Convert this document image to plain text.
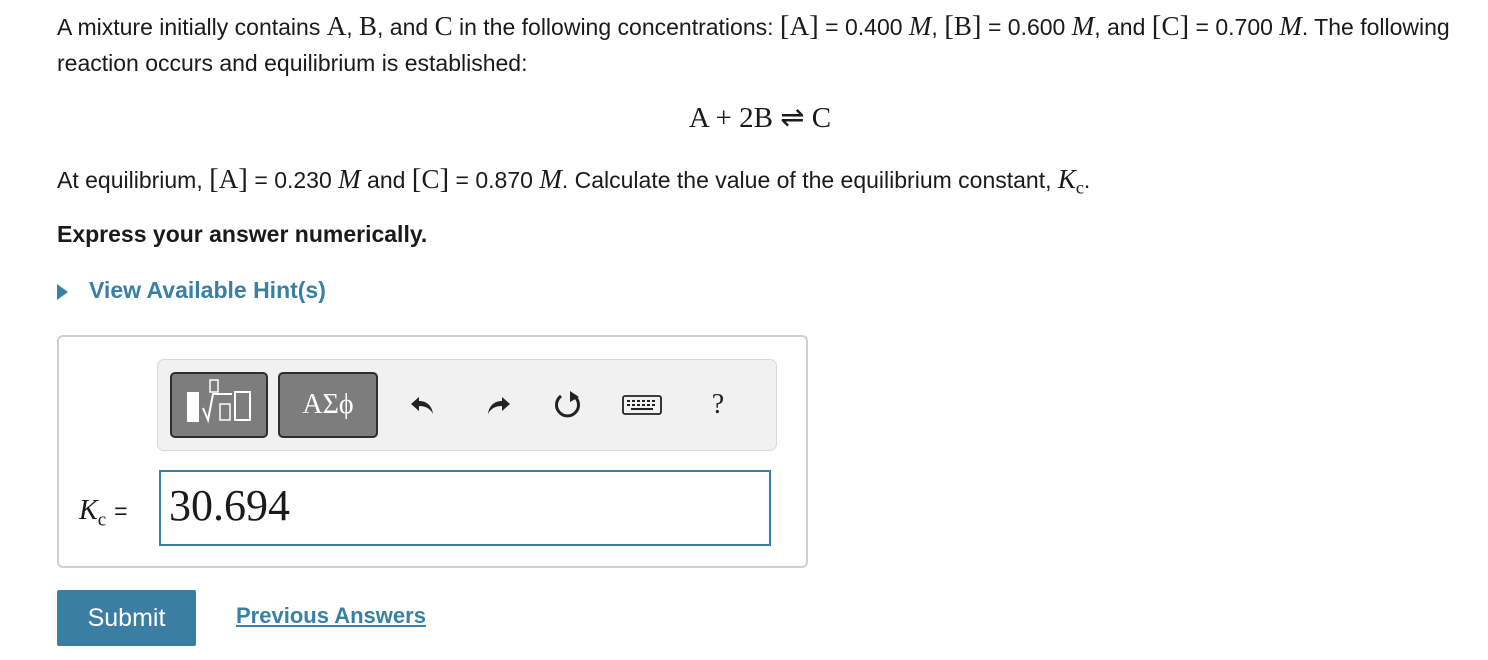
A mixture initially contains A, B, and C in the following concentrations: [A] = 0.400 M, [B] = 0.600 M, and [C] = 0.700 M. The following reaction occurs and equilibrium is established:
A + 2B ⇌ C
At equilibrium, [A] = 0.230 M and [C] = 0.870 M. Calculate the value of the equilibrium constant, $K_c$.
Express your answer numerically.
View Available Hint(s)
ΑΣϕ	?
$K_c = 30.694$
Submit	Previous Answers
